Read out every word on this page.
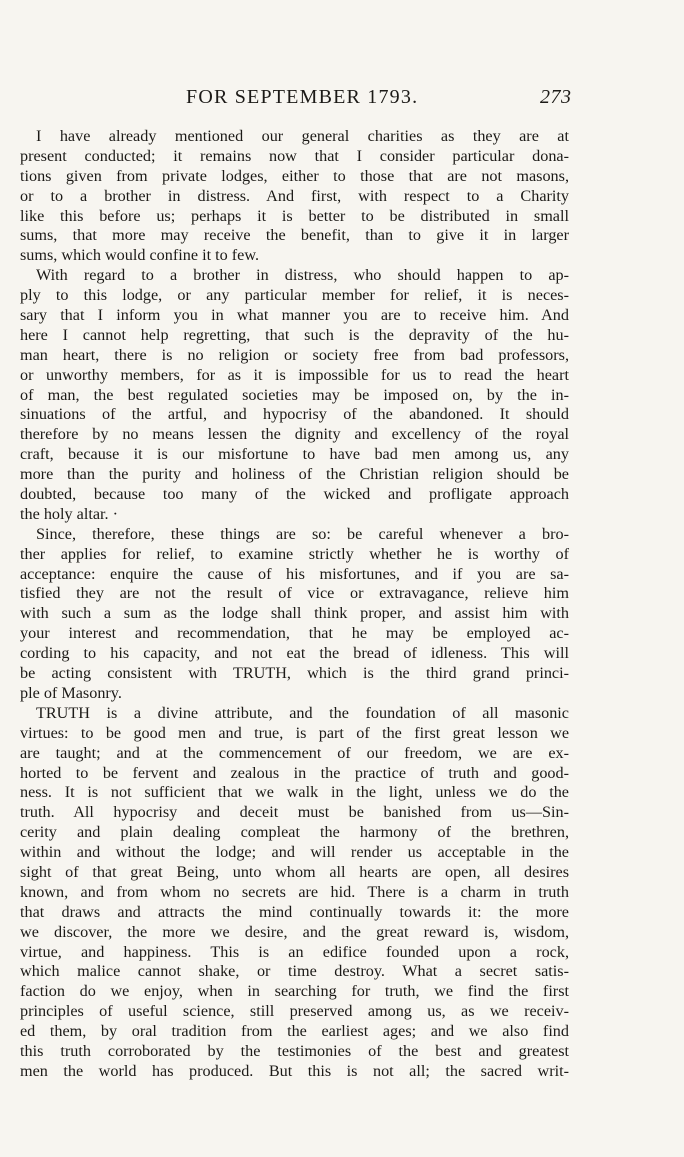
FOR SEPTEMBER 1793.	273
I have already mentioned our general charities as they are at
present conducted; it remains now that I consider particular dona-
tions given from private lodges, either to those that are not masons,
or to a brother in distress. And first, with respect to a Charity
like this before us; perhaps it is better to be distributed in small
sums, that more may receive the benefit, than to give it in larger
sums, which would confine it to few.
With regard to a brother in distress, who should happen to ap-
ply to this lodge, or any particular member for relief, it is neces-
sary that I inform you in what manner you are to receive him. And
here I cannot help regretting, that such is the depravity of the hu-
man heart, there is no religion or society free from bad professors,
or unworthy members, for as it is impossible for us to read the heart
of man, the best regulated societies may be imposed on, by the in-
sinuations of the artful, and hypocrisy of the abandoned. It should
therefore by no means lessen the dignity and excellency of the royal
craft, because it is our misfortune to have bad men among us, any
more than the purity and holiness of the Christian religion should be
doubted, because too many of the wicked and profligate approach
the holy altar. ·
Since, therefore, these things are so: be careful whenever a bro-
ther applies for relief, to examine strictly whether he is worthy of
acceptance: enquire the cause of his misfortunes, and if you are sa-
tisfied they are not the result of vice or extravagance, relieve him
with such a sum as the lodge shall think proper, and assist him with
your interest and recommendation, that he may be employed ac-
cording to his capacity, and not eat the bread of idleness. This will
be acting consistent with TRUTH, which is the third grand princi-
ple of Masonry.
TRUTH is a divine attribute, and the foundation of all masonic
virtues: to be good men and true, is part of the first great lesson we
are taught; and at the commencement of our freedom, we are ex-
horted to be fervent and zealous in the practice of truth and good-
ness. It is not sufficient that we walk in the light, unless we do the
truth. All hypocrisy and deceit must be banished from us—Sin-
cerity and plain dealing compleat the harmony of the brethren,
within and without the lodge; and will render us acceptable in the
sight of that great Being, unto whom all hearts are open, all desires
known, and from whom no secrets are hid. There is a charm in truth
that draws and attracts the mind continually towards it: the more
we discover, the more we desire, and the great reward is, wisdom,
virtue, and happiness. This is an edifice founded upon a rock,
which malice cannot shake, or time destroy. What a secret satis-
faction do we enjoy, when in searching for truth, we find the first
principles of useful science, still preserved among us, as we receiv-
ed them, by oral tradition from the earliest ages; and we also find
this truth corroborated by the testimonies of the best and greatest
men the world has produced. But this is not all; the sacred writ-
